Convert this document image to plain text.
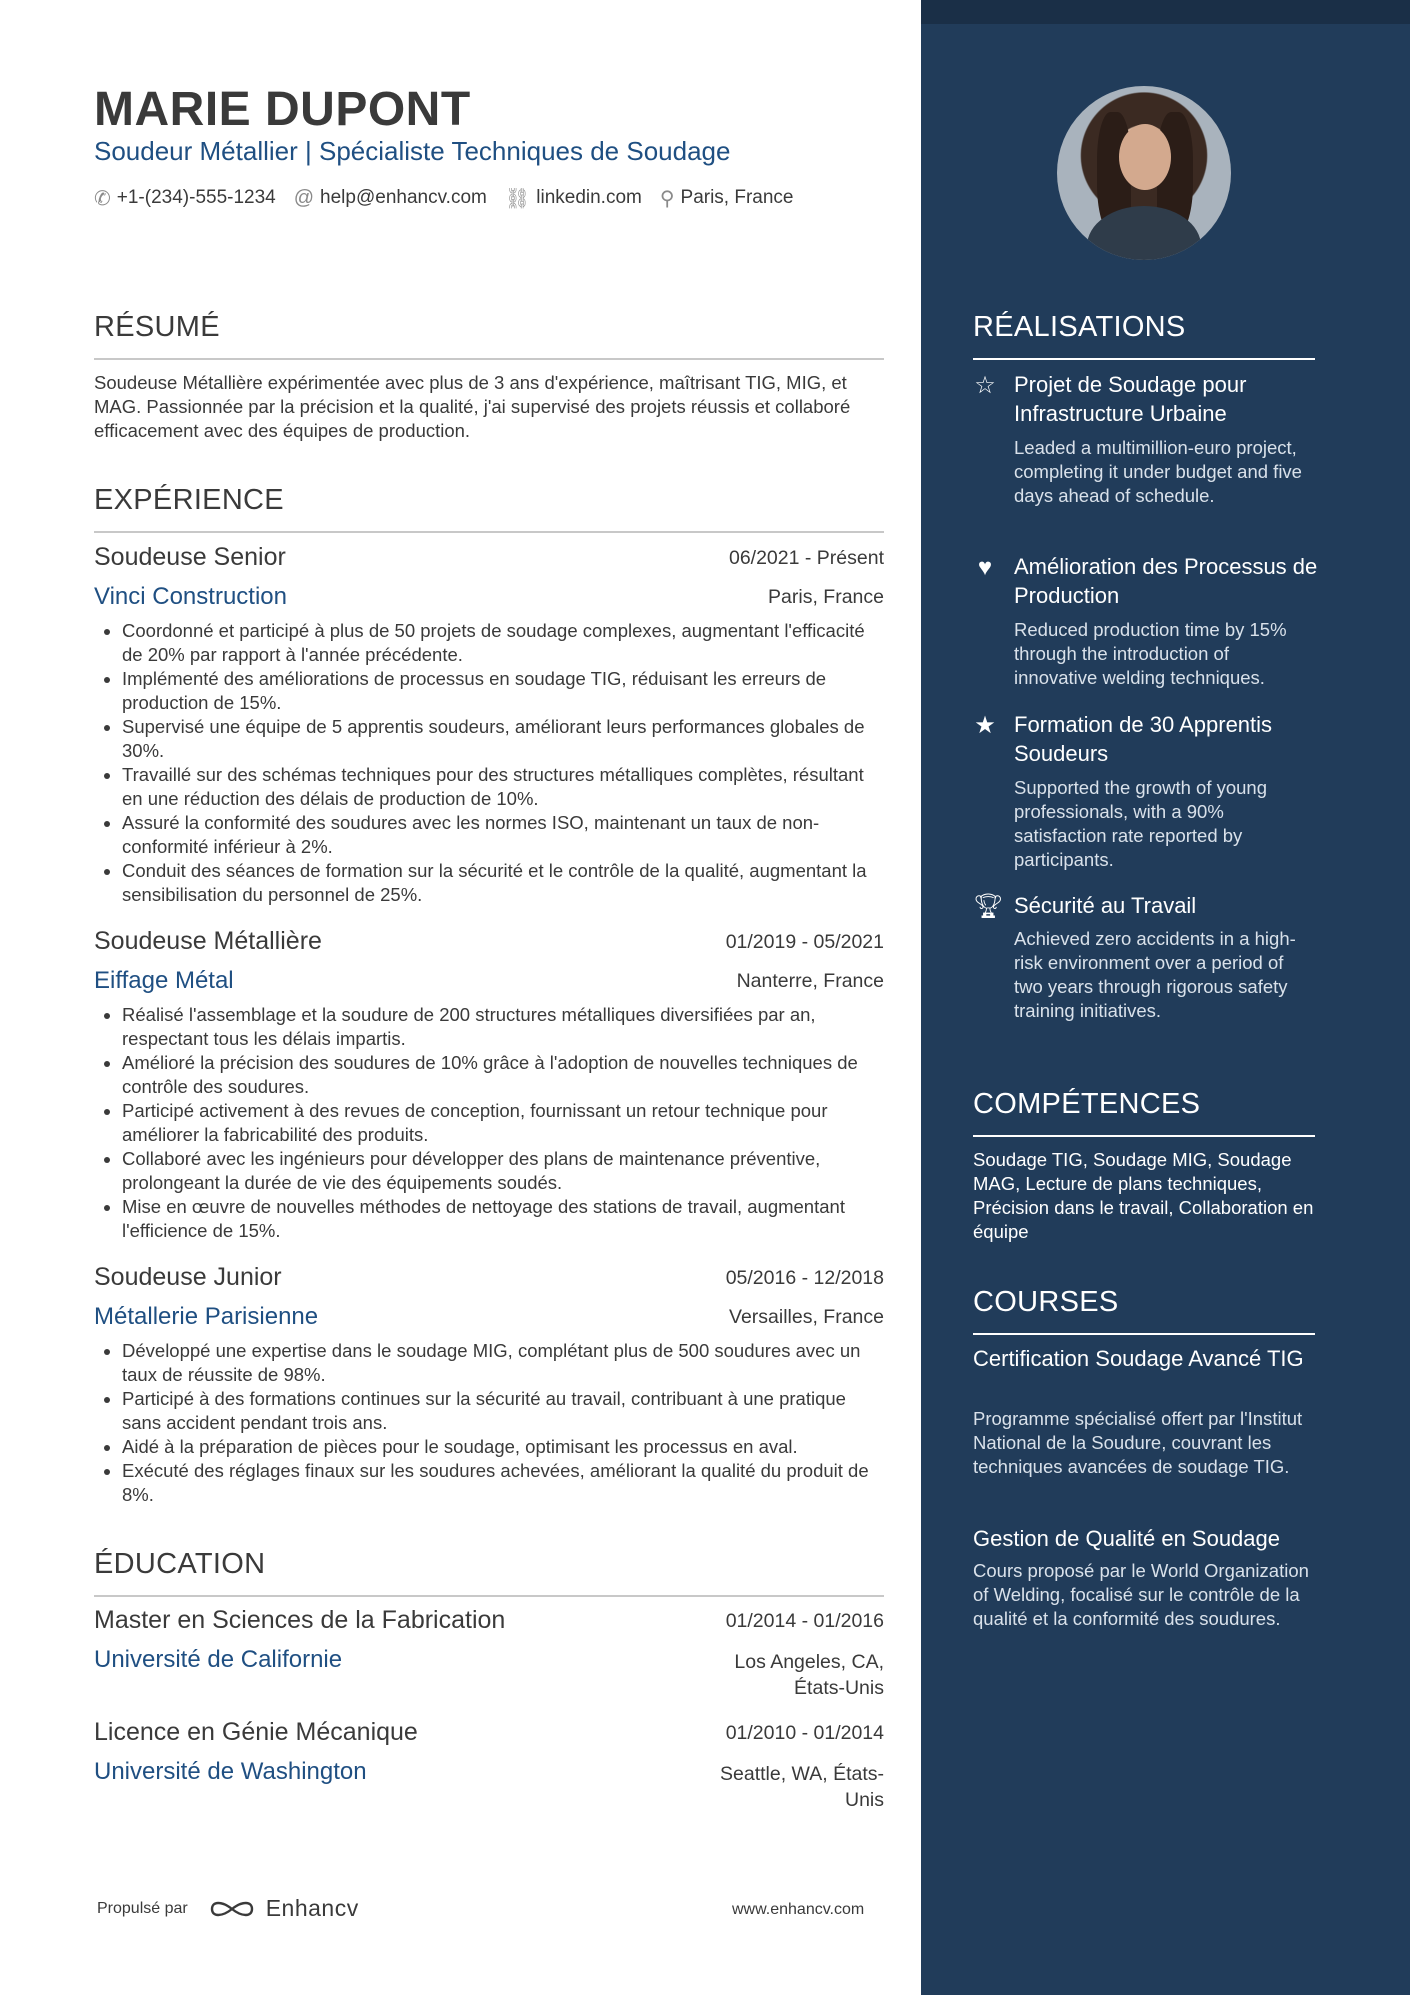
MARIE DUPONT
Soudeur Métallier | Spécialiste Techniques de Soudage
✆ +1-(234)-555-1234 @ help@enhancv.com ⛓ linkedin.com ⚲ Paris, France
RÉSUMÉ
Soudeuse Métallière expérimentée avec plus de 3 ans d'expérience, maîtrisant TIG, MIG, et MAG. Passionnée par la précision et la qualité, j'ai supervisé des projets réussis et collaboré efficacement avec des équipes de production.
EXPÉRIENCE
Soudeuse Senior	06/2021 - Présent
Vinci Construction	Paris, France
• Coordonné et participé à plus de 50 projets de soudage complexes, augmentant l'efficacité de 20% par rapport à l'année précédente.
• Implémenté des améliorations de processus en soudage TIG, réduisant les erreurs de production de 15%.
• Supervisé une équipe de 5 apprentis soudeurs, améliorant leurs performances globales de 30%.
• Travaillé sur des schémas techniques pour des structures métalliques complètes, résultant en une réduction des délais de production de 10%.
• Assuré la conformité des soudures avec les normes ISO, maintenant un taux de non-conformité inférieur à 2%.
• Conduit des séances de formation sur la sécurité et le contrôle de la qualité, augmentant la sensibilisation du personnel de 25%.
Soudeuse Métallière	01/2019 - 05/2021
Eiffage Métal	Nanterre, France
• Réalisé l'assemblage et la soudure de 200 structures métalliques diversifiées par an, respectant tous les délais impartis.
• Amélioré la précision des soudures de 10% grâce à l'adoption de nouvelles techniques de contrôle des soudures.
• Participé activement à des revues de conception, fournissant un retour technique pour améliorer la fabricabilité des produits.
• Collaboré avec les ingénieurs pour développer des plans de maintenance préventive, prolongeant la durée de vie des équipements soudés.
• Mise en œuvre de nouvelles méthodes de nettoyage des stations de travail, augmentant l'efficience de 15%.
Soudeuse Junior	05/2016 - 12/2018
Métallerie Parisienne	Versailles, France
• Développé une expertise dans le soudage MIG, complétant plus de 500 soudures avec un taux de réussite de 98%.
• Participé à des formations continues sur la sécurité au travail, contribuant à une pratique sans accident pendant trois ans.
• Aidé à la préparation de pièces pour le soudage, optimisant les processus en aval.
• Exécuté des réglages finaux sur les soudures achevées, améliorant la qualité du produit de 8%.
ÉDUCATION
Master en Sciences de la Fabrication	01/2014 - 01/2016
Université de Californie	Los Angeles, CA, États-Unis
Licence en Génie Mécanique	01/2010 - 01/2014
Université de Washington	Seattle, WA, États-Unis
Propulsé par	Enhancv	www.enhancv.com
RÉALISATIONS
☆ Projet de Soudage pour Infrastructure Urbaine
Leaded a multimillion-euro project, completing it under budget and five days ahead of schedule.
♥ Amélioration des Processus de Production
Reduced production time by 15% through the introduction of innovative welding techniques.
★ Formation de 30 Apprentis Soudeurs
Supported the growth of young professionals, with a 90% satisfaction rate reported by participants.
🏆︎ Sécurité au Travail
Achieved zero accidents in a high-risk environment over a period of two years through rigorous safety training initiatives.
COMPÉTENCES
Soudage TIG, Soudage MIG, Soudage MAG, Lecture de plans techniques, Précision dans le travail, Collaboration en équipe
COURSES
Certification Soudage Avancé TIG
Programme spécialisé offert par l'Institut National de la Soudure, couvrant les techniques avancées de soudage TIG.
Gestion de Qualité en Soudage
Cours proposé par le World Organization of Welding, focalisé sur le contrôle de la qualité et la conformité des soudures.
